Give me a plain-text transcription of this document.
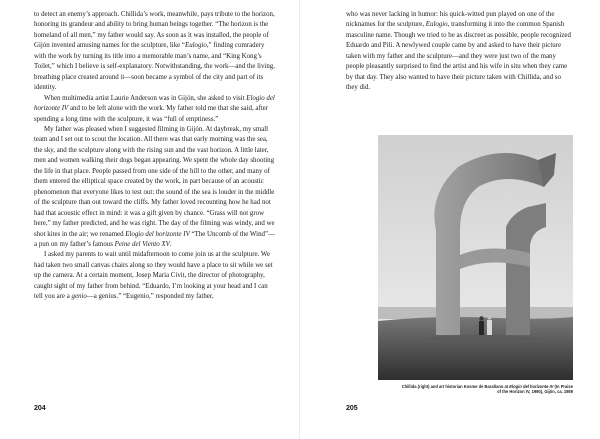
to detect an enemy’s approach. Chillida’s work, meanwhile, pays tribute to the horizon, honoring its grandeur and ability to bring human beings together. “The horizon is the homeland of all men,” my father would say. As soon as it was installed, the people of Gijón invented amusing names for the sculpture, like “Eulogio,” finding comradery with the work by turning its title into a memorable man’s name, and “King Kong’s Toilet,” which I believe is self-explanatory. Notwithstanding, the work—and the living, breathing place created around it—soon became a symbol of the city and part of its identity.

When multimedia artist Laurie Anderson was in Gijón, she asked to visit Elogio del horizonte IV and to be left alone with the work. My father told me that she said, after spending a long time with the sculpture, it was “full of emptiness.”

My father was pleased when I suggested filming in Gijón. At daybreak, my small team and I set out to scout the location. All there was that early morning was the sea, the sky, and the sculpture along with the rising sun and the vast horizon. A little later, men and women walking their dogs began appearing. We spent the whole day shooting the life in that place. People passed from one side of the hill to the other, and many of them entered the elliptical space created by the work, in part because of an acoustic phenomenon that everyone likes to test out: the sound of the sea is louder in the middle of the sculpture than out toward the cliffs. My father loved recounting how he had not had that acoustic effect in mind: it was a gift given by chance. “Grass will not grow here,” my father predicted, and he was right. The day of the filming was windy, and we shot kites in the air; we renamed Elogio del horizonte IV “The Uncomb of the Wind”—a pun on my father’s famous Peine del Viento XV.

I asked my parents to wait until midafternoon to come join us at the sculpture. We had taken two small canvas chairs along so they would have a place to sit while we set up the camera. At a certain moment, Josep Maria Civit, the director of photography, caught sight of my father from behind. “Eduardo, I’m looking at your head and I can tell you are a genio—a genius.” “Eugenio,” responded my father,

204

who was never lacking in humor: his quick-witted pun played on one of the nicknames for the sculpture, Eulogio, transforming it into the common Spanish masculine name. Though we tried to be as discreet as possible, people recognized Eduardo and Pili. A newlywed couple came by and asked to have their picture taken with my father and the sculpture—and they were just two of the many people pleasantly surprised to find the artist and his wife in situ when they came by that day. They also wanted to have their picture taken with Chillida, and so they did.

Chillida (right) and art historian Kosme de Barañano at Elogio del horizonte IV (In Praise of the Horizon IV, 1990), Gijón, ca. 1989
205
